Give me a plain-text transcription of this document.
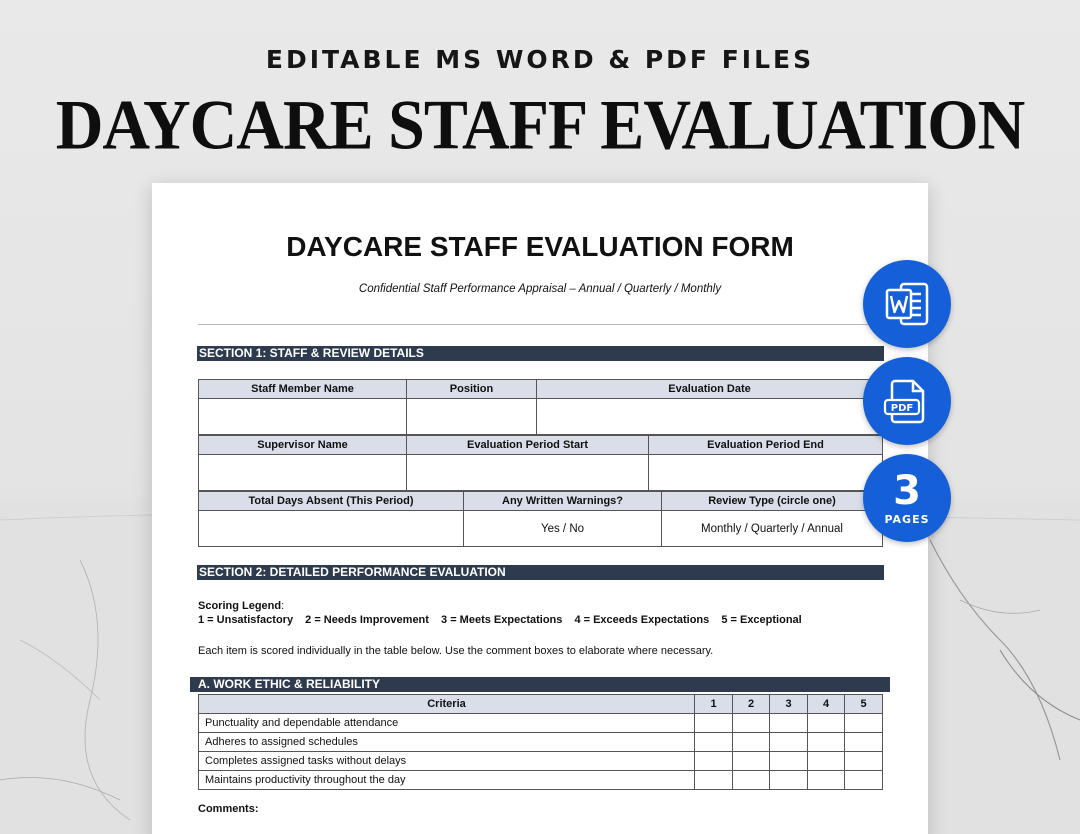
EDITABLE MS WORD & PDF FILES
DAYCARE STAFF EVALUATION
DAYCARE STAFF EVALUATION FORM
Confidential Staff Performance Appraisal – Annual / Quarterly / Monthly
SECTION 1: STAFF & REVIEW DETAILS
Staff Member Name	Position	Evaluation Date

Supervisor Name	Evaluation Period Start	Evaluation Period End

Total Days Absent (This Period)	Any Written Warnings?	Review Type (circle one)
	Yes / No	Monthly / Quarterly / Annual
SECTION 2: DETAILED PERFORMANCE EVALUATION
Scoring Legend:
1 = Unsatisfactory 2 = Needs Improvement 3 = Meets Expectations 4 = Exceeds Expectations 5 = Exceptional
Each item is scored individually in the table below. Use the comment boxes to elaborate where necessary.
A. WORK ETHIC & RELIABILITY
Criteria	1	2	3	4	5
Punctuality and dependable attendance					
Adheres to assigned schedules					
Completes assigned tasks without delays					
Maintains productivity throughout the day					
Comments:
PDF
3
PAGES
